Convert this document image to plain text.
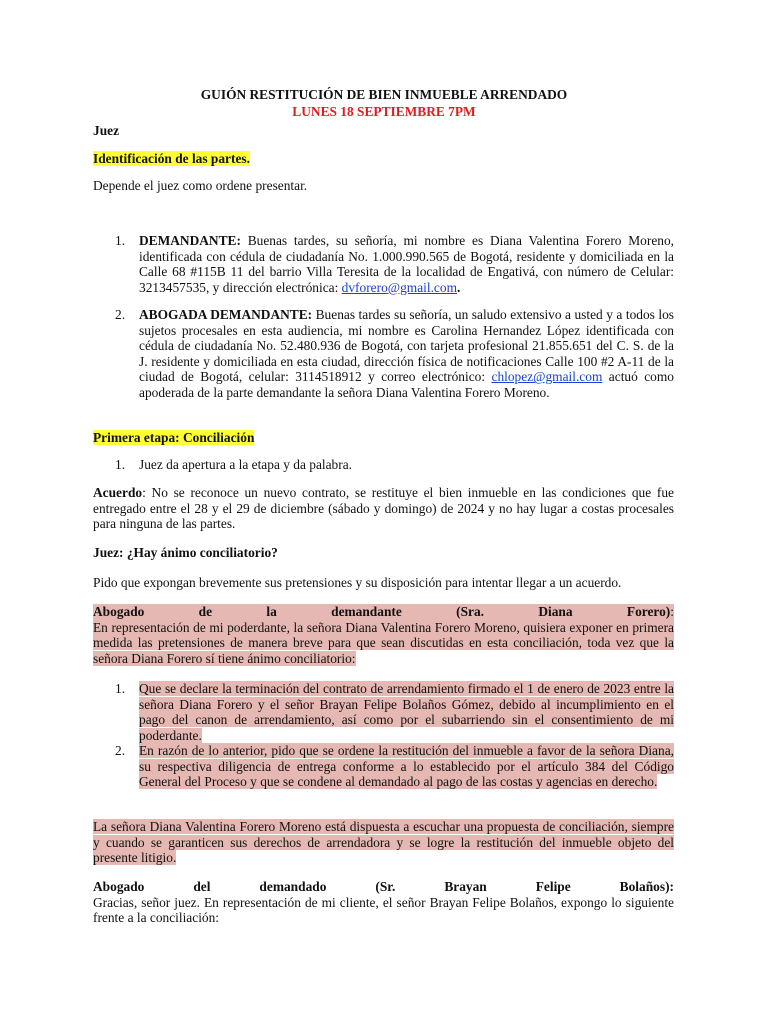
GUIÓN RESTITUCIÓN DE BIEN INMUEBLE ARRENDADO
LUNES 18 SEPTIEMBRE 7PM
Juez
Identificación de las partes.
Depende el juez como ordene presentar.
1. DEMANDANTE: Buenas tardes, su señoría, mi nombre es Diana Valentina Forero Moreno, identificada con cédula de ciudadanía No. 1.000.990.565 de Bogotá, residente y domiciliada en la Calle 68 #115B 11 del barrio Villa Teresita de la localidad de Engativá, con número de Celular: 3213457535, y dirección electrónica: dvforero@gmail.com.
2. ABOGADA DEMANDANTE: Buenas tardes su señoría, un saludo extensivo a usted y a todos los sujetos procesales en esta audiencia, mi nombre es Carolina Hernandez López identificada con cédula de ciudadanía No. 52.480.936 de Bogotá, con tarjeta profesional 21.855.651 del C. S. de la J. residente y domiciliada en esta ciudad, dirección física de notificaciones Calle 100 #2 A-11 de la ciudad de Bogotá, celular: 3114518912 y correo electrónico: chlopez@gmail.com actuó como apoderada de la parte demandante la señora Diana Valentina Forero Moreno.
Primera etapa: Conciliación
1. Juez da apertura a la etapa y da palabra.
Acuerdo: No se reconoce un nuevo contrato, se restituye el bien inmueble en las condiciones que fue entregado entre el 28 y el 29 de diciembre (sábado y domingo) de 2024 y no hay lugar a costas procesales para ninguna de las partes.
Juez: ¿Hay ánimo conciliatorio?
Pido que expongan brevemente sus pretensiones y su disposición para intentar llegar a un acuerdo.
Abogado de la demandante (Sra. Diana Forero):
En representación de mi poderdante, la señora Diana Valentina Forero Moreno, quisiera exponer en primera medida las pretensiones de manera breve para que sean discutidas en esta conciliación, toda vez que la señora Diana Forero sí tiene ánimo conciliatorio:
1. Que se declare la terminación del contrato de arrendamiento firmado el 1 de enero de 2023 entre la señora Diana Forero y el señor Brayan Felipe Bolaños Gómez, debido al incumplimiento en el pago del canon de arrendamiento, así como por el subarriendo sin el consentimiento de mi poderdante.
2. En razón de lo anterior, pido que se ordene la restitución del inmueble a favor de la señora Diana, su respectiva diligencia de entrega conforme a lo establecido por el artículo 384 del Código General del Proceso y que se condene al demandado al pago de las costas y agencias en derecho.
La señora Diana Valentina Forero Moreno está dispuesta a escuchar una propuesta de conciliación, siempre y cuando se garanticen sus derechos de arrendadora y se logre la restitución del inmueble objeto del presente litigio.
Abogado del demandado (Sr. Brayan Felipe Bolaños):
Gracias, señor juez. En representación de mi cliente, el señor Brayan Felipe Bolaños, expongo lo siguiente frente a la conciliación:
